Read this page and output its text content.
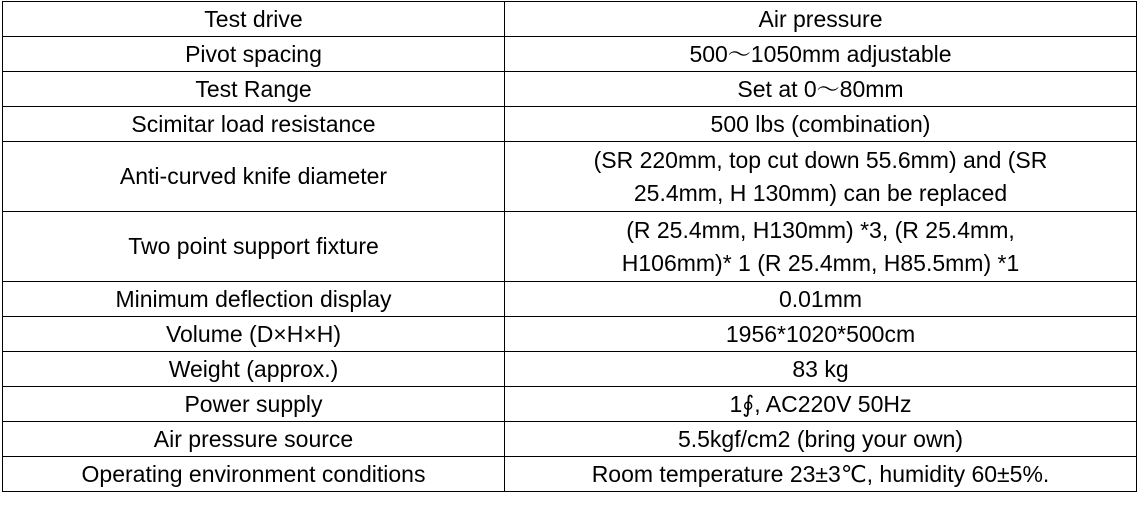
Test drive	Air pressure
Pivot spacing	500～1050mm adjustable
Test Range	Set at 0～80mm
Scimitar load resistance	500 lbs (combination)
Anti-curved knife diameter	(SR 220mm, top cut down 55.6mm) and (SR
25.4mm, H 130mm) can be replaced

Two point support fixture	(R 25.4mm, H130mm) *3, (R 25.4mm,
H106mm)* 1 (R 25.4mm, H85.5mm) *1

Minimum deflection display	0.01mm
Volume (D×H×H)	1956*1020*500cm
Weight (approx.)	83 kg
Power supply	1∮, AC220V 50Hz
Air pressure source	5.5kgf/cm2 (bring your own)
Operating environment conditions	Room temperature 23±3℃, humidity 60±5%.
